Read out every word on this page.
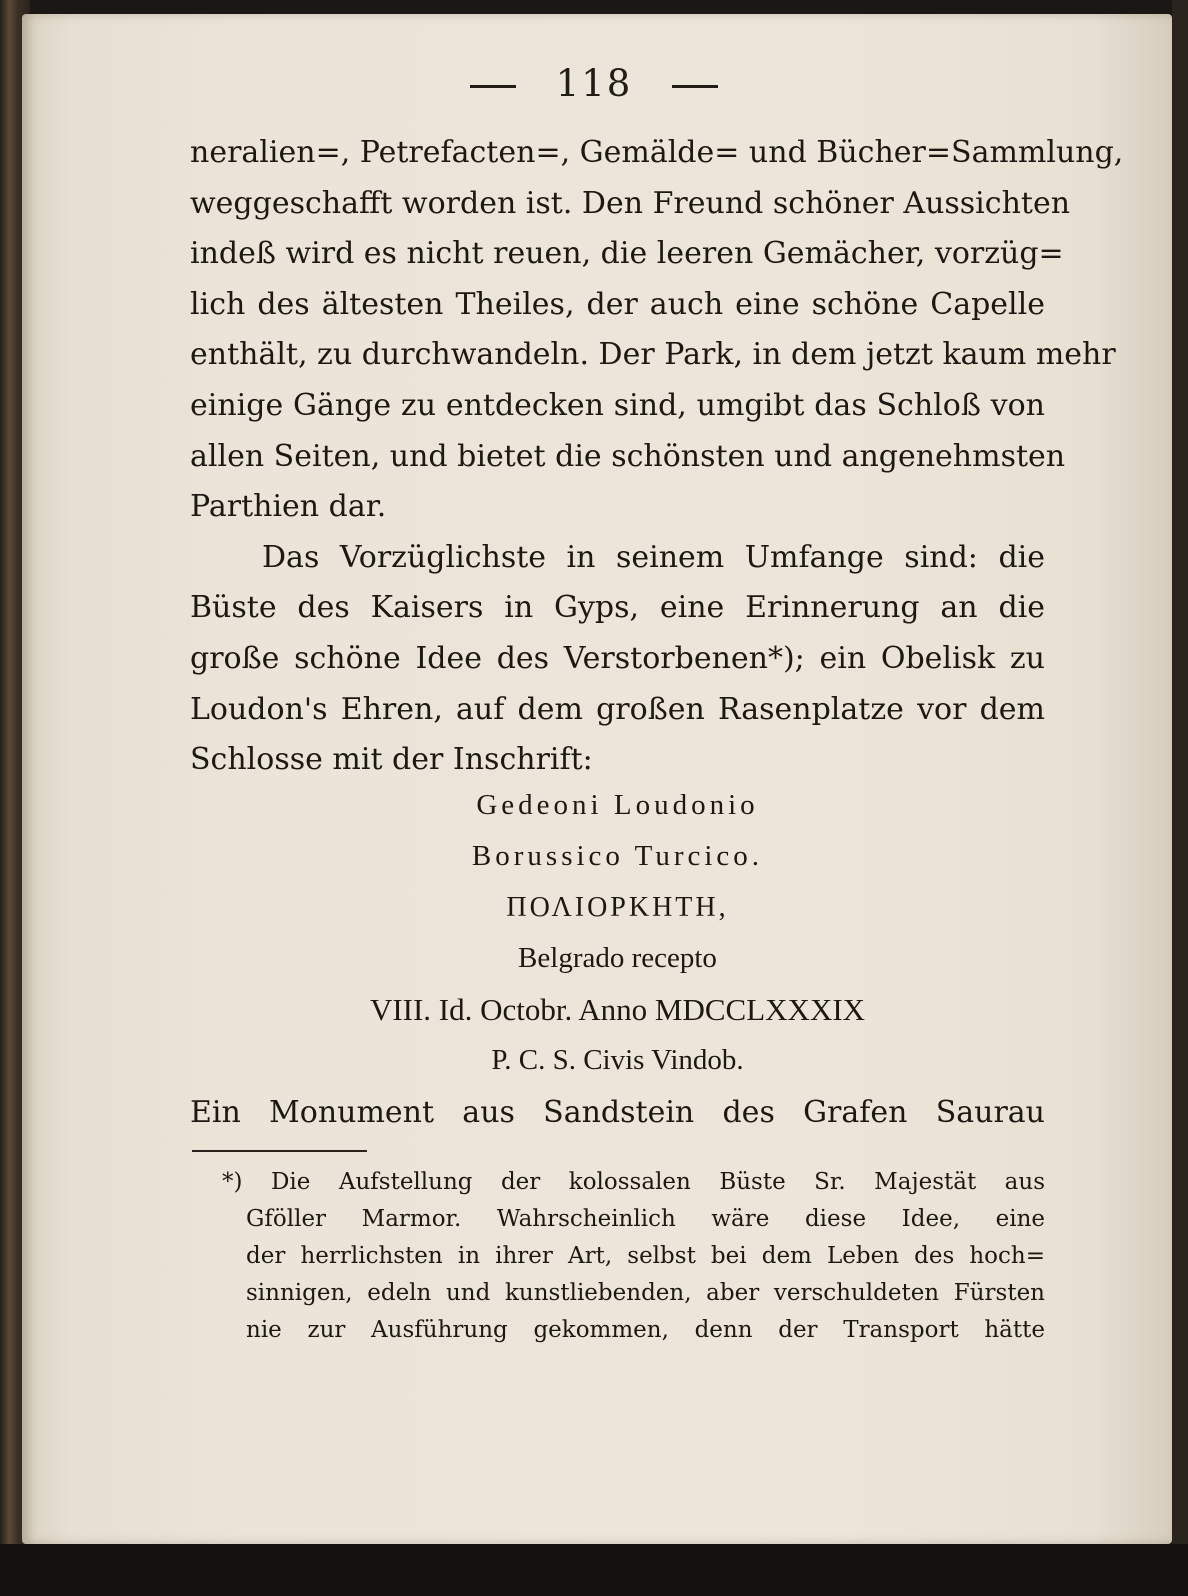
118
neralien=, Petrefacten=, Gemälde= und Bücher=Sammlung,
weggeschafft worden ist. Den Freund schöner Aussichten
indeß wird es nicht reuen, die leeren Gemächer, vorzüg=
lich des ältesten Theiles, der auch eine schöne Capelle
enthält, zu durchwandeln. Der Park, in dem jetzt kaum mehr
einige Gänge zu entdecken sind, umgibt das Schloß von
allen Seiten, und bietet die schönsten und angenehmsten
Parthien dar.
Das Vorzüglichste in seinem Umfange sind: die
Büste des Kaisers in Gyps, eine Erinnerung an die
große schöne Idee des Verstorbenen*); ein Obelisk zu
Loudon's Ehren, auf dem großen Rasenplatze vor dem
Schlosse mit der Inschrift:
Gedeoni Loudonio
Borussico Turcico.
ΠΟΛΙΟΡΚΗΤΗ,
Belgrado recepto
VIII. Id. Octobr. Anno MDCCLXXXIX
P. C. S. Civis Vindob.
Ein Monument aus Sandstein des Grafen Saurau
*) Die Aufstellung der kolossalen Büste Sr. Majestät aus
Gföller Marmor. Wahrscheinlich wäre diese Idee, eine
der herrlichsten in ihrer Art, selbst bei dem Leben des hoch=
sinnigen, edeln und kunstliebenden, aber verschuldeten Fürsten
nie zur Ausführung gekommen, denn der Transport hätte
